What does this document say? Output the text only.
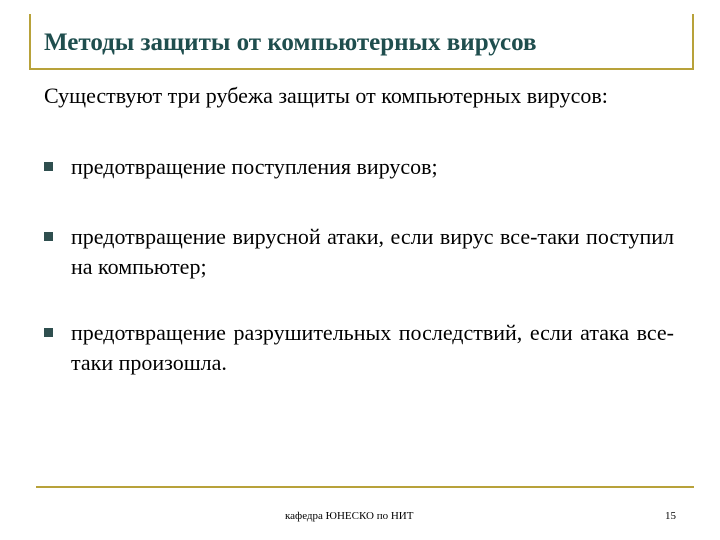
Методы защиты от компьютерных вирусов

Существуют три рубежа защиты от компьютерных вирусов:

предотвращение поступления вирусов;
предотвращение вирусной атаки, если вирус все-таки поступил на компьютер;
предотвращение разрушительных последствий, если атака все-таки произошла.
кафедра ЮНЕСКО по НИТ	15
